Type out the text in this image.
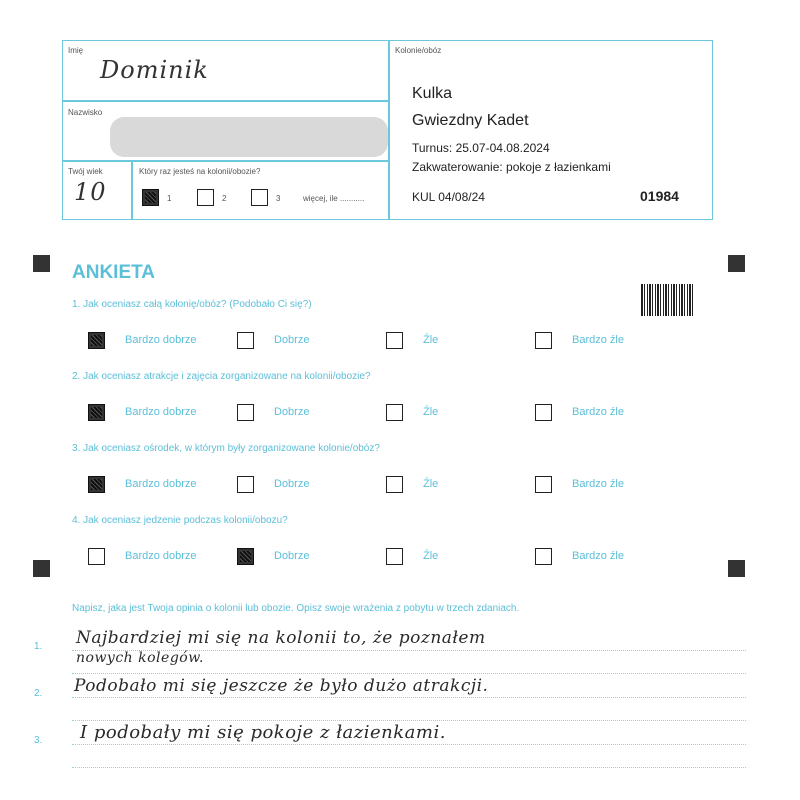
Imię
Dominik
Nazwisko
Twój wiek
10
Który raz jesteś na kolonii/obozie?
1	2	3	więcej, ile ...........
Kolonie/obóz
Kulka
Gwiezdny Kadet
Turnus: 25.07-04.08.2024
Zakwaterowanie: pokoje z łazienkami
KUL 04/08/24	01984
ANKIETA
1. Jak oceniasz całą kolonię/obóz? (Podobało Ci się?)
2. Jak oceniasz atrakcje i zajęcia zorganizowane na kolonii/obozie?
3. Jak oceniasz ośrodek, w którym były zorganizowane kolonie/obóz?
4. Jak oceniasz jedzenie podczas kolonii/obozu?
Bardzo dobrze	Dobrze	Źle	Bardzo źle
Bardzo dobrze	Dobrze	Źle	Bardzo źle
Bardzo dobrze	Dobrze	Źle	Bardzo źle
Bardzo dobrze	Dobrze	Źle	Bardzo źle
Napisz, jaka jest Twoja opinia o kolonii lub obozie. Opisz swoje wrażenia z pobytu w trzech zdaniach.
1.
2.
3.
Najbardziej mi się na kolonii to, że poznałem
nowych kolegów.
Podobało mi się jeszcze że było dużo atrakcji.
I podobały mi się pokoje z łazienkami.
